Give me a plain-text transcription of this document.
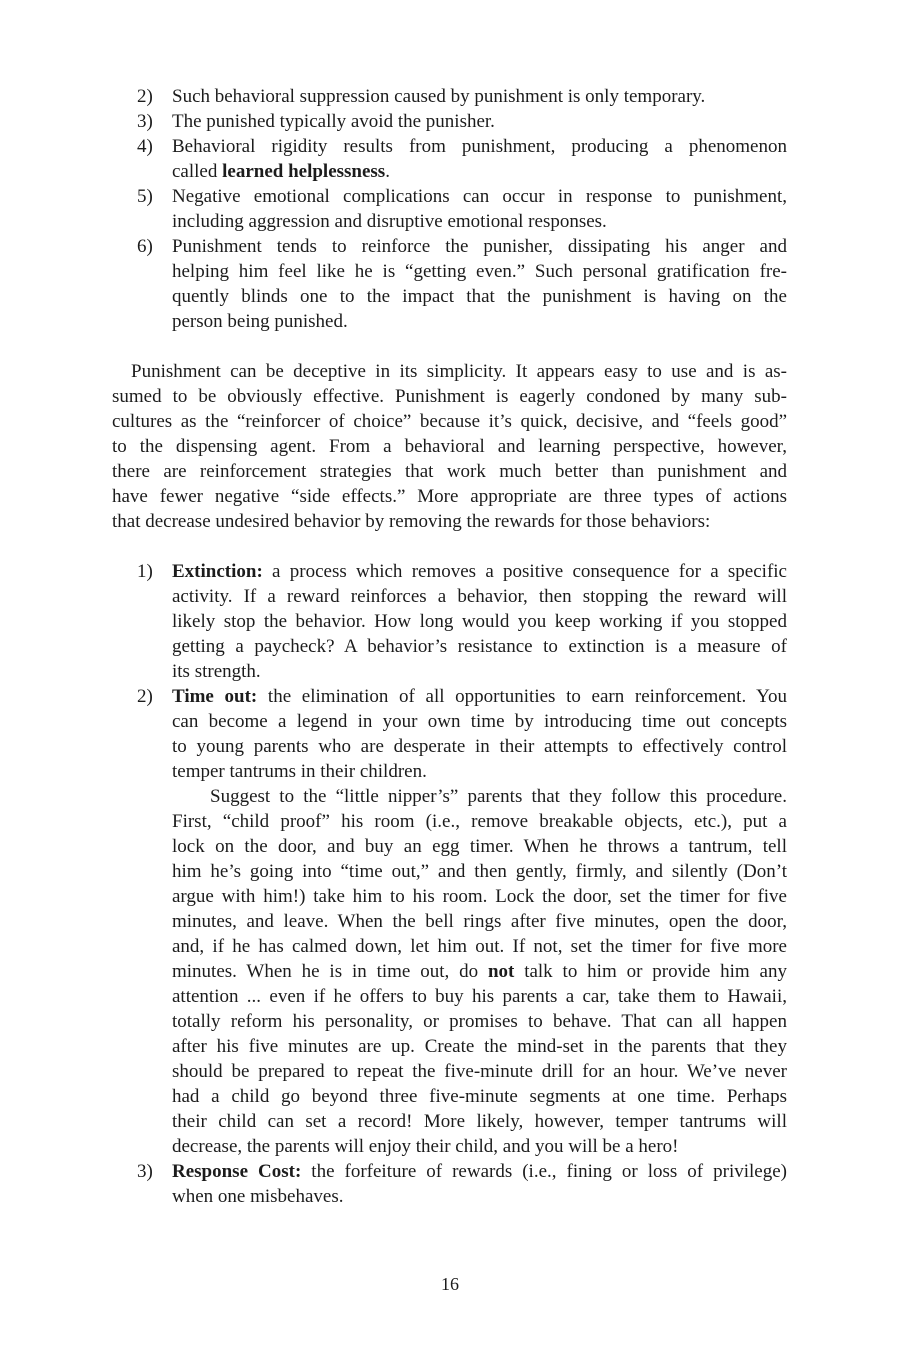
2) Such behavioral suppression caused by punishment is only temporary.
3) The punished typically avoid the punisher.
4) Behavioral rigidity results from punishment, producing a phenomenon
called learned helplessness.
5) Negative emotional complications can occur in response to punishment,
including aggression and disruptive emotional responses.
6) Punishment tends to reinforce the punisher, dissipating his anger and
helping him feel like he is “getting even.” Such personal gratification fre-
quently blinds one to the impact that the punishment is having on the
person being punished.
Punishment can be deceptive in its simplicity. It appears easy to use and is as-
sumed to be obviously effective. Punishment is eagerly condoned by many sub-
cultures as the “reinforcer of choice” because it’s quick, decisive, and “feels good”
to the dispensing agent. From a behavioral and learning perspective, however,
there are reinforcement strategies that work much better than punishment and
have fewer negative “side effects.” More appropriate are three types of actions
that decrease undesired behavior by removing the rewards for those behaviors:
1) Extinction: a process which removes a positive consequence for a specific
activity. If a reward reinforces a behavior, then stopping the reward will
likely stop the behavior. How long would you keep working if you stopped
getting a paycheck? A behavior’s resistance to extinction is a measure of
its strength.
2) Time out: the elimination of all opportunities to earn reinforcement. You
can become a legend in your own time by introducing time out concepts
to young parents who are desperate in their attempts to effectively control
temper tantrums in their children.
Suggest to the “little nipper’s” parents that they follow this procedure.
First, “child proof” his room (i.e., remove breakable objects, etc.), put a
lock on the door, and buy an egg timer. When he throws a tantrum, tell
him he’s going into “time out,” and then gently, firmly, and silently (Don’t
argue with him!) take him to his room. Lock the door, set the timer for five
minutes, and leave. When the bell rings after five minutes, open the door,
and, if he has calmed down, let him out. If not, set the timer for five more
minutes. When he is in time out, do not talk to him or provide him any
attention ... even if he offers to buy his parents a car, take them to Hawaii,
totally reform his personality, or promises to behave. That can all happen
after his five minutes are up. Create the mind-set in the parents that they
should be prepared to repeat the five-minute drill for an hour. We’ve never
had a child go beyond three five-minute segments at one time. Perhaps
their child can set a record! More likely, however, temper tantrums will
decrease, the parents will enjoy their child, and you will be a hero!
3) Response Cost: the forfeiture of rewards (i.e., fining or loss of privilege)
when one misbehaves.
16
